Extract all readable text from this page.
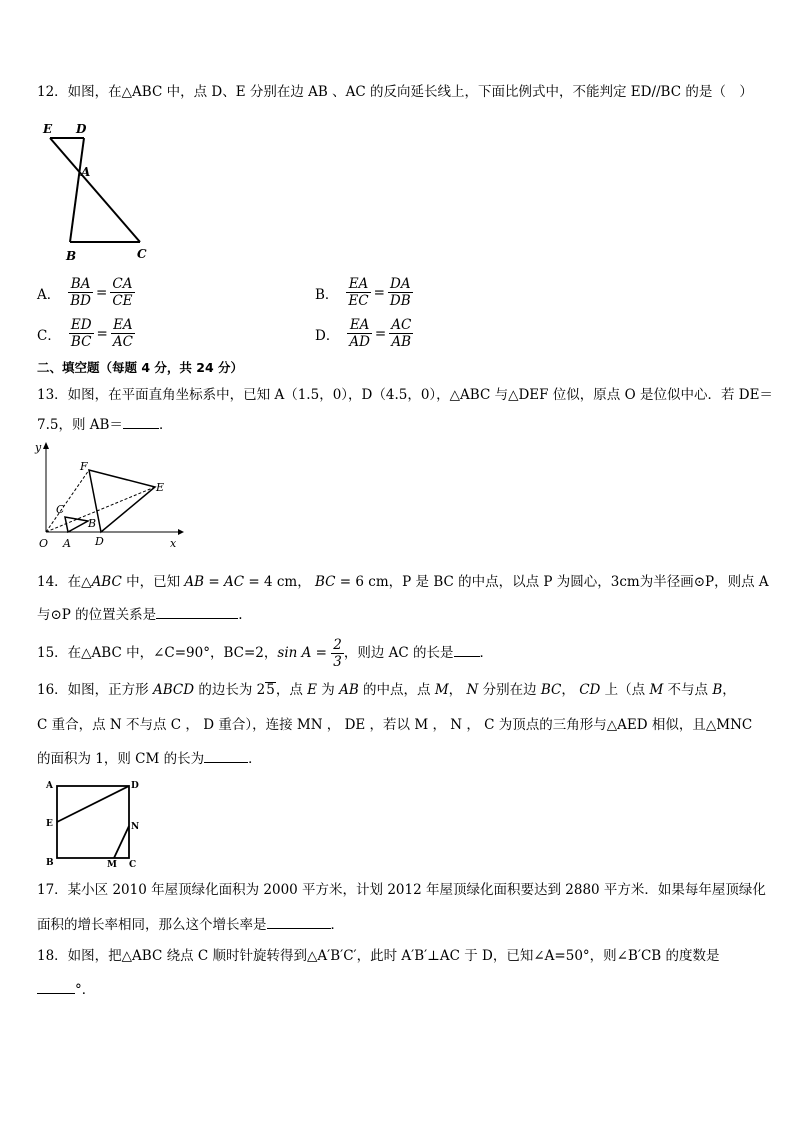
12．如图，在△ABC 中，点 D、E 分别在边 AB 、AC 的反向延长线上，下面比例式中，不能判定 ED//BC 的是（　）
E D
A
B	C
A． $\frac{BA}{BD} = \frac{CA}{CE}$	B． $\frac{EA}{EC} = \frac{DA}{DB}$
C． $\frac{ED}{BC} = \frac{EA}{AC}$	D． $\frac{EA}{AD} = \frac{AC}{AB}$
二、填空题（每题 4 分，共 24 分）
13．如图，在平面直角坐标系中，已知 A（1.5，0），D（4.5，0），△ABC 与△DEF 位似，原点 O 是位似中心．若 DE＝
7.5，则 AB＝	．
y
x
O A D
B
C
E
F
14．在△ABC 中，已知 AB = AC = 4 cm， BC = 6 cm，P 是 BC 的中点，以点 P 为圆心，3cm为半径画⊙P，则点 A
与⊙P 的位置关系是	.
15．在△ABC 中，∠C=90°，BC=2，$\sin A = \frac{2}{3}$ ，则边 AC 的长是 ．
16．如图，正方形 ABCD 的边长为 25，点 E 为 AB 的中点，点 M， N 分别在边 BC， CD 上（点 M 不与点 B，
C 重合，点 N 不与点 C ， D 重合），连接 MN ， DE ，若以 M ， N ， C 为顶点的三角形与△AED 相似，且△MNC
的面积为 1，则 CM 的长为	．
A	D
E	N
B	M C
17．某小区 2010 年屋顶绿化面积为 2000 平方米，计划 2012 年屋顶绿化面积要达到 2880 平方米．如果每年屋顶绿化
面积的增长率相同，那么这个增长率是	．
18．如图，把△ABC 绕点 C 顺时针旋转得到△A′B′C′，此时 A′B′⊥AC 于 D，已知∠A=50°，则∠B′CB 的度数是
°．
